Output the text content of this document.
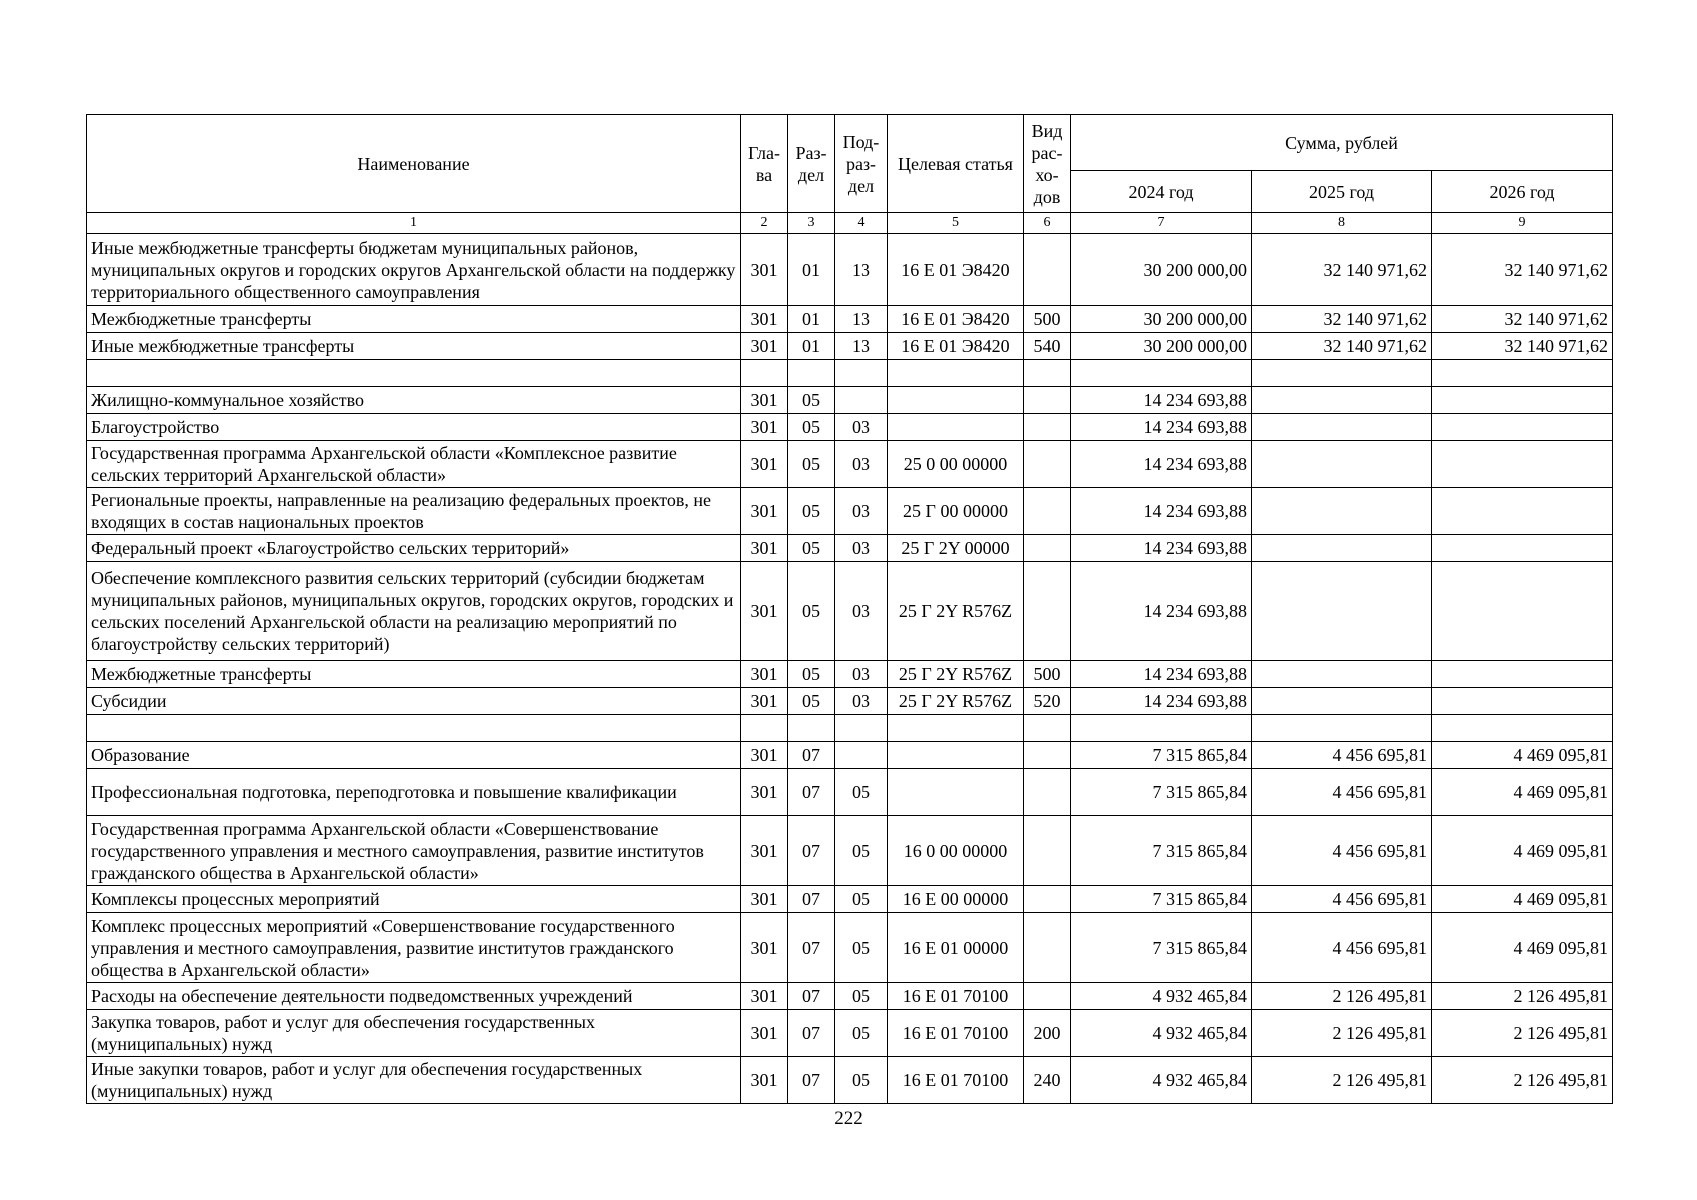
Наименование	Гла-ва	Раз-дел	Под-раз-дел	Целевая статья	Вид рас-хо-дов	Сумма, рублей		
						2024 год	2025 год	2026 год
1	2	3	4	5	6	7	8	9
Иные межбюджетные трансферты бюджетам муниципальных районов, муниципальных округов и городских округов Архангельской области на поддержку территориального общественного самоуправления	301	01	13	16 Е 01 Э8420		30 200 000,00	32 140 971,62	32 140 971,62
Межбюджетные трансферты	301	01	13	16 Е 01 Э8420	500	30 200 000,00	32 140 971,62	32 140 971,62
Иные межбюджетные трансферты	301	01	13	16 Е 01 Э8420	540	30 200 000,00	32 140 971,62	32 140 971,62

Жилищно-коммунальное хозяйство	301	05				14 234 693,88		
Благоустройство	301	05	03			14 234 693,88		
Государственная программа Архангельской области «Комплексное развитие сельских территорий Архангельской области»	301	05	03	25 0 00 00000		14 234 693,88		
Региональные проекты, направленные на реализацию федеральных проектов, не входящих в состав национальных проектов	301	05	03	25 Г 00 00000		14 234 693,88		
Федеральный проект «Благоустройство сельских территорий»	301	05	03	25 Г 2Y 00000		14 234 693,88		
Обеспечение комплексного развития сельских территорий (субсидии бюджетам муниципальных районов, муниципальных округов, городских округов, городских и сельских поселений Архангельской области на реализацию мероприятий по благоустройству сельских территорий)	301	05	03	25 Г 2Y R576Z		14 234 693,88		
Межбюджетные трансферты	301	05	03	25 Г 2Y R576Z	500	14 234 693,88		
Субсидии	301	05	03	25 Г 2Y R576Z	520	14 234 693,88		

Образование	301	07				7 315 865,84	4 456 695,81	4 469 095,81
Профессиональная подготовка, переподготовка и повышение квалификации	301	07	05			7 315 865,84	4 456 695,81	4 469 095,81
Государственная программа Архангельской области «Совершенствование государственного управления и местного самоуправления, развитие институтов гражданского общества в Архангельской области»	301	07	05	16 0 00 00000		7 315 865,84	4 456 695,81	4 469 095,81
Комплексы процессных мероприятий	301	07	05	16 Е 00 00000		7 315 865,84	4 456 695,81	4 469 095,81
Комплекс процессных мероприятий «Совершенствование государственного управления и местного самоуправления, развитие институтов гражданского общества в Архангельской области»	301	07	05	16 Е 01 00000		7 315 865,84	4 456 695,81	4 469 095,81
Расходы на обеспечение деятельности подведомственных учреждений	301	07	05	16 Е 01 70100		4 932 465,84	2 126 495,81	2 126 495,81
Закупка товаров, работ и услуг для обеспечения государственных (муниципальных) нужд	301	07	05	16 Е 01 70100	200	4 932 465,84	2 126 495,81	2 126 495,81
Иные закупки товаров, работ и услуг для обеспечения государственных (муниципальных) нужд	301	07	05	16 Е 01 70100	240	4 932 465,84	2 126 495,81	2 126 495,81
222
